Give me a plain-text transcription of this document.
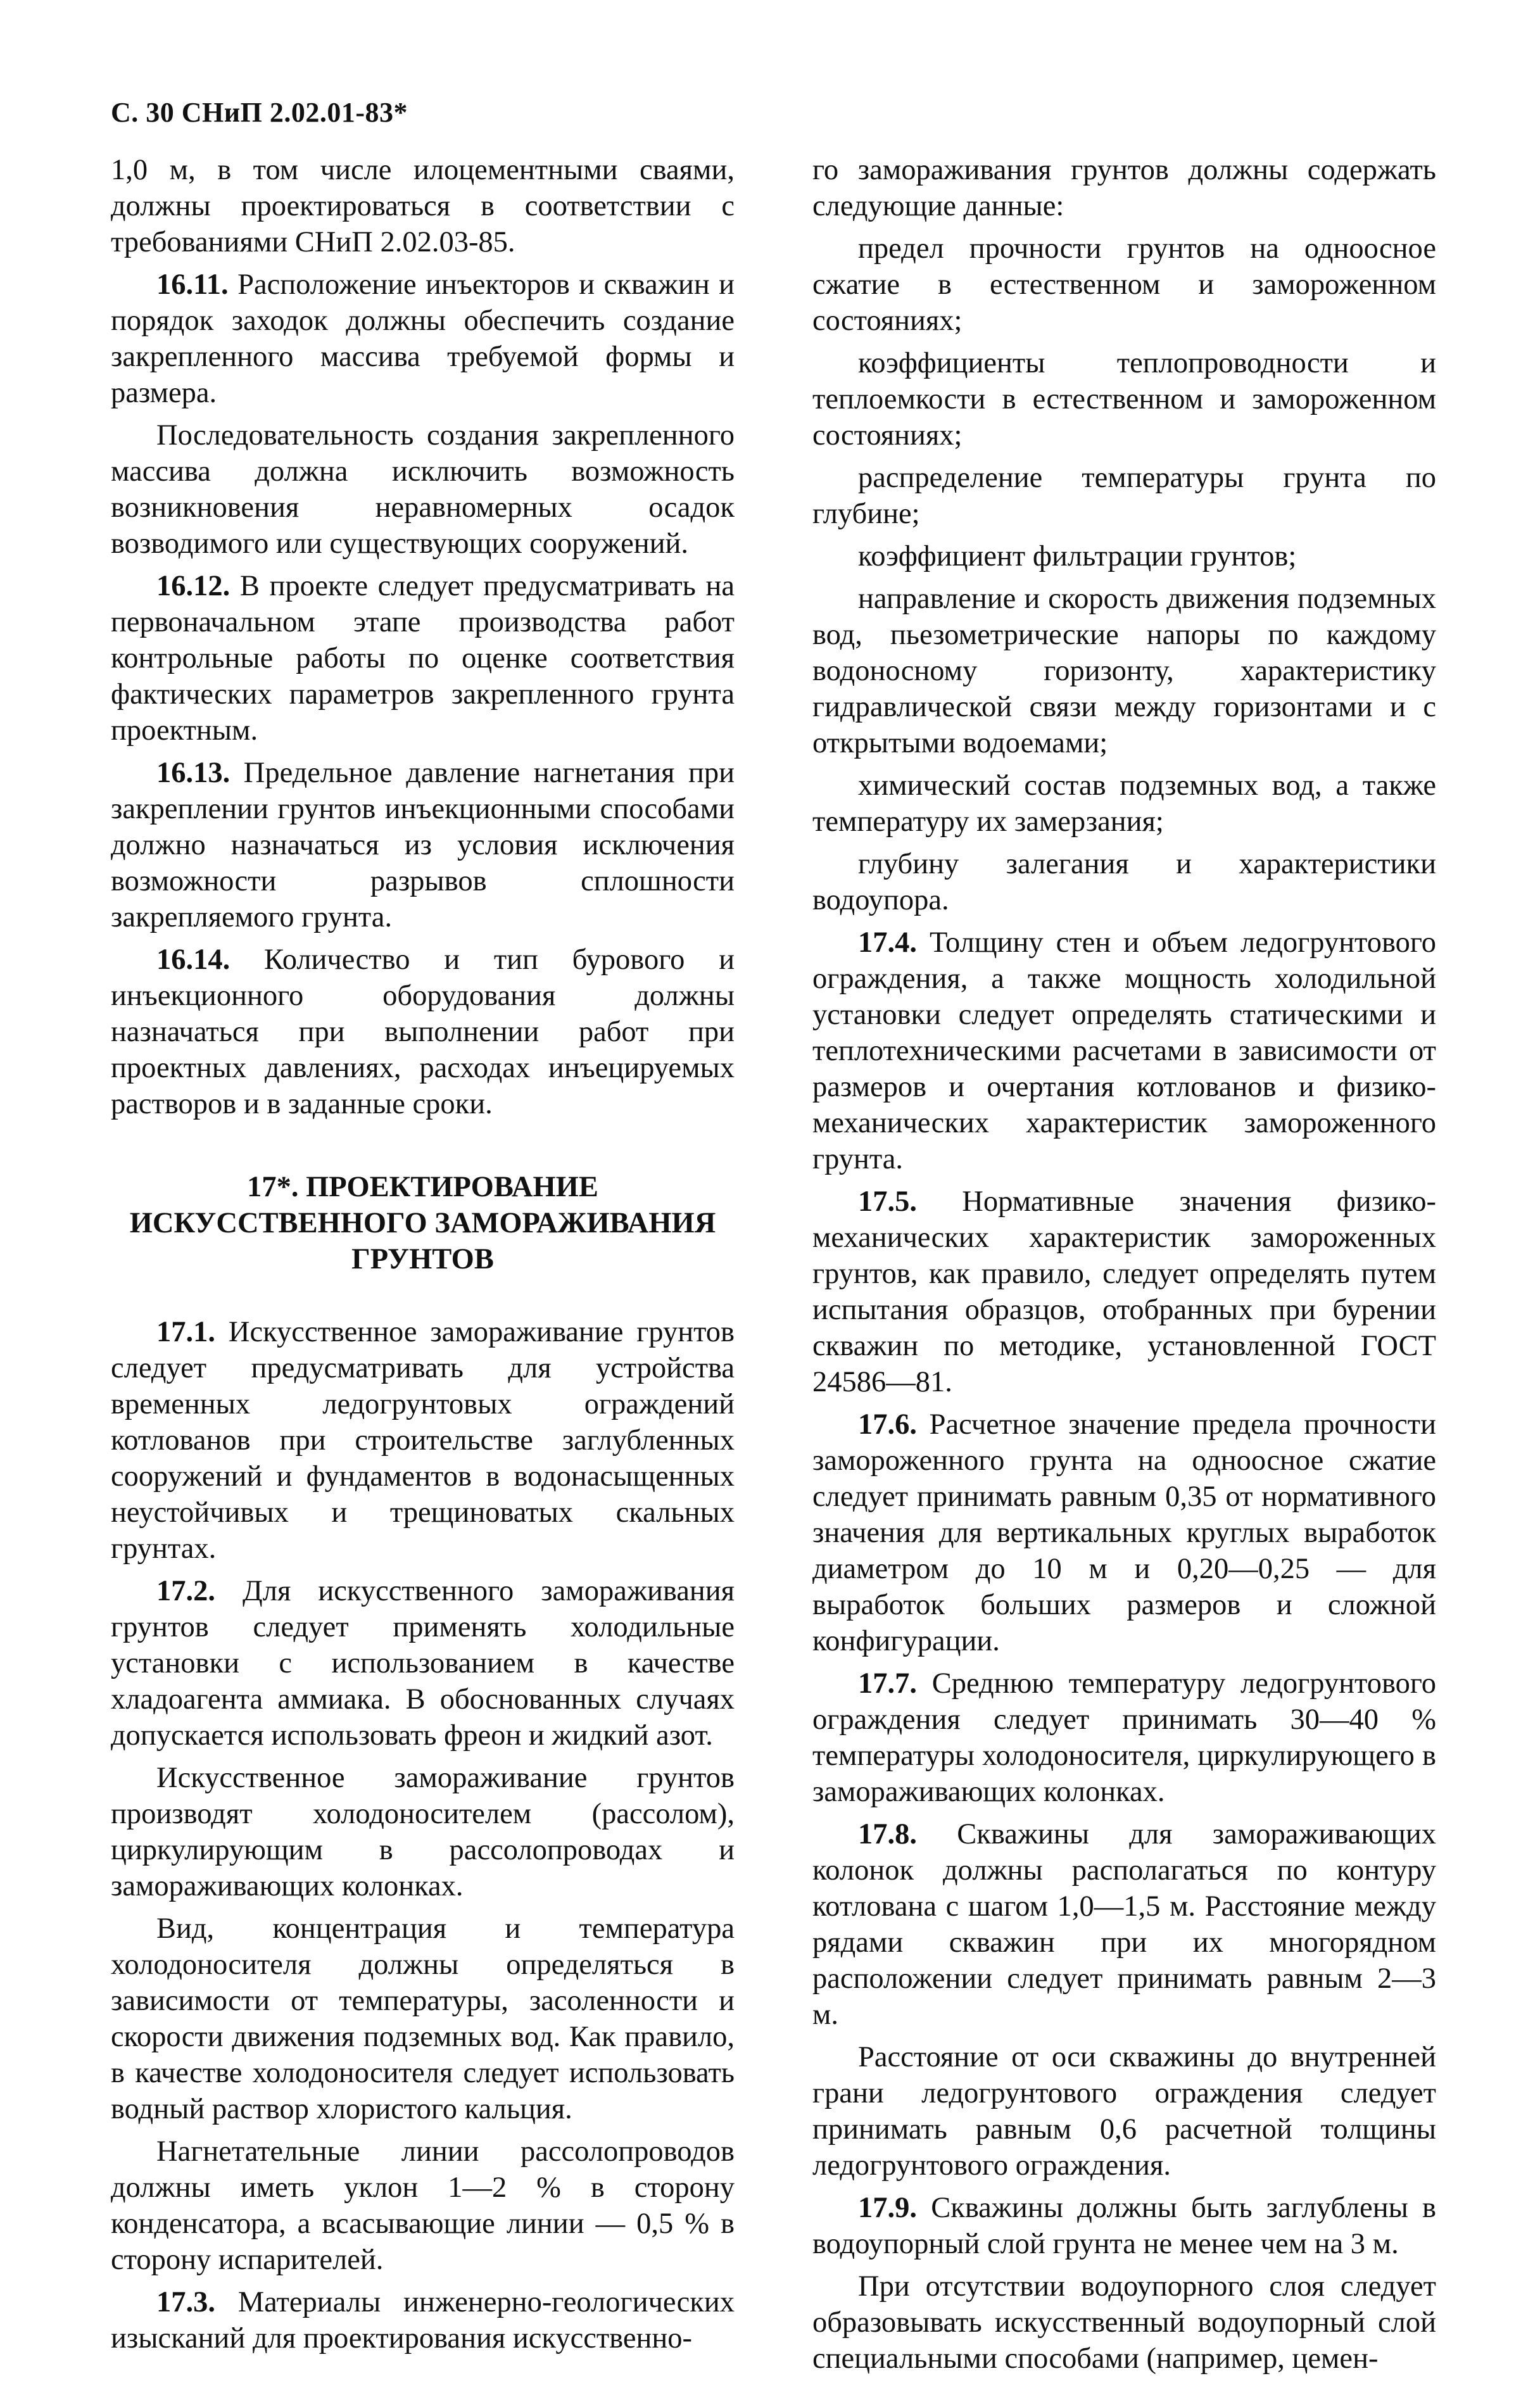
С. 30 СНиП 2.02.01-83*

1,0 м, в том числе илоцементными сваями, должны проектироваться в соответствии с требованиями СНиП 2.02.03-85.

16.11. Расположение инъекторов и скважин и порядок заходок должны обеспечить создание закрепленного массива требуемой формы и размера.

Последовательность создания закрепленного массива должна исключить возможность возникновения неравномерных осадок возводимого или существующих сооружений.

16.12. В проекте следует предусматривать на первоначальном этапе производства работ контрольные работы по оценке соответствия фактических параметров закрепленного грунта проектным.

16.13. Предельное давление нагнетания при закреплении грунтов инъекционными способами должно назначаться из условия исключения возможности разрывов сплошности закрепляемого грунта.

16.14. Количество и тип бурового и инъекционного оборудования должны назначаться при выполнении работ при проектных давлениях, расходах инъецируемых растворов и в заданные сроки.

17*. ПРОЕКТИРОВАНИЕ
ИСКУССТВЕННОГО ЗАМОРАЖИВАНИЯ
ГРУНТОВ

17.1. Искусственное замораживание грунтов следует предусматривать для устройства временных ледогрунтовых ограждений котлованов при строительстве заглубленных сооружений и фундаментов в водонасыщенных неустойчивых и трещиноватых скальных грунтах.

17.2. Для искусственного замораживания грунтов следует применять холодильные установки с использованием в качестве хладоагента аммиака. В обоснованных случаях допускается использовать фреон и жидкий азот.

Искусственное замораживание грунтов производят холодоносителем (рассолом), циркулирующим в рассолопроводах и замораживающих колонках.

Вид, концентрация и температура холодоносителя должны определяться в зависимости от температуры, засоленности и скорости движения подземных вод. Как правило, в качестве холодоносителя следует использовать водный раствор хлористого кальция.

Нагнетательные линии рассолопроводов должны иметь уклон 1—2 % в сторону конденсатора, а всасывающие линии — 0,5 % в сторону испарителей.

17.3. Материалы инженерно-геологических изысканий для проектирования искусственно-

го замораживания грунтов должны содержать следующие данные:

предел прочности грунтов на одноосное сжатие в естественном и замороженном состояниях;

коэффициенты теплопроводности и теплоемкости в естественном и замороженном состояниях;

распределение температуры грунта по глубине;

коэффициент фильтрации грунтов;

направление и скорость движения подземных вод, пьезометрические напоры по каждому водоносному горизонту, характеристику гидравлической связи между горизонтами и с открытыми водоемами;

химический состав подземных вод, а также температуру их замерзания;

глубину залегания и характеристики водоупора.

17.4. Толщину стен и объем ледогрунтового ограждения, а также мощность холодильной установки следует определять статическими и теплотехническими расчетами в зависимости от размеров и очертания котлованов и физико-механических характеристик замороженного грунта.

17.5. Нормативные значения физико-механических характеристик замороженных грунтов, как правило, следует определять путем испытания образцов, отобранных при бурении скважин по методике, установленной ГОСТ 24586—81.

17.6. Расчетное значение предела прочности замороженного грунта на одноосное сжатие следует принимать равным 0,35 от нормативного значения для вертикальных круглых выработок диаметром до 10 м и 0,20—0,25 — для выработок больших размеров и сложной конфигурации.

17.7. Среднюю температуру ледогрунтового ограждения следует принимать 30—40 % температуры холодоносителя, циркулирующего в замораживающих колонках.

17.8. Скважины для замораживающих колонок должны располагаться по контуру котлована с шагом 1,0—1,5 м. Расстояние между рядами скважин при их многорядном расположении следует принимать равным 2—3 м.

Расстояние от оси скважины до внутренней грани ледогрунтового ограждения следует принимать равным 0,6 расчетной толщины ледогрунтового ограждения.

17.9. Скважины должны быть заглублены в водоупорный слой грунта не менее чем на 3 м.

При отсутствии водоупорного слоя следует образовывать искусственный водоупорный слой специальными способами (например, цемен-
